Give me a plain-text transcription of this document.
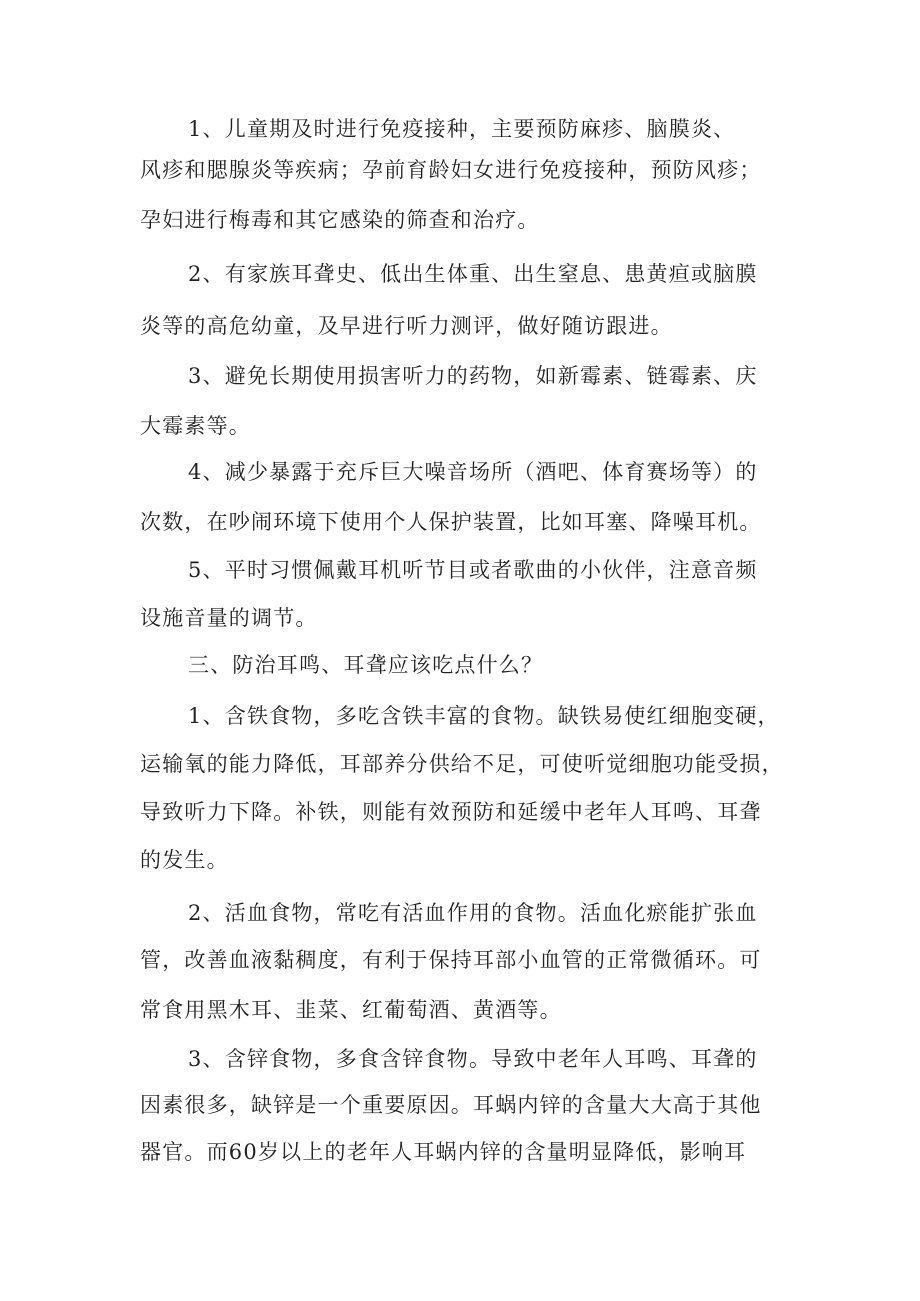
1、儿童期及时进行免疫接种，主要预防麻疹、脑膜炎、
风疹和腮腺炎等疾病；孕前育龄妇女进行免疫接种，预防风疹；
孕妇进行梅毒和其它感染的筛查和治疗。
2、有家族耳聋史、低出生体重、出生窒息、患黄疸或脑膜
炎等的高危幼童，及早进行听力测评，做好随访跟进。
3、避免长期使用损害听力的药物，如新霉素、链霉素、庆
大霉素等。
4、减少暴露于充斥巨大噪音场所（酒吧、体育赛场等）的
次数，在吵闹环境下使用个人保护装置，比如耳塞、降噪耳机。
5、平时习惯佩戴耳机听节目或者歌曲的小伙伴，注意音频
设施音量的调节。
三、防治耳鸣、耳聋应该吃点什么？
1、含铁食物，多吃含铁丰富的食物。缺铁易使红细胞变硬，
运输氧的能力降低，耳部养分供给不足，可使听觉细胞功能受损，
导致听力下降。补铁，则能有效预防和延缓中老年人耳鸣、耳聋
的发生。
2、活血食物，常吃有活血作用的食物。活血化瘀能扩张血
管，改善血液黏稠度，有利于保持耳部小血管的正常微循环。可
常食用黑木耳、韭菜、红葡萄酒、黄酒等。
3、含锌食物，多食含锌食物。导致中老年人耳鸣、耳聋的
因素很多，缺锌是一个重要原因。耳蜗内锌的含量大大高于其他
器官。而60岁以上的老年人耳蜗内锌的含量明显降低，影响耳
